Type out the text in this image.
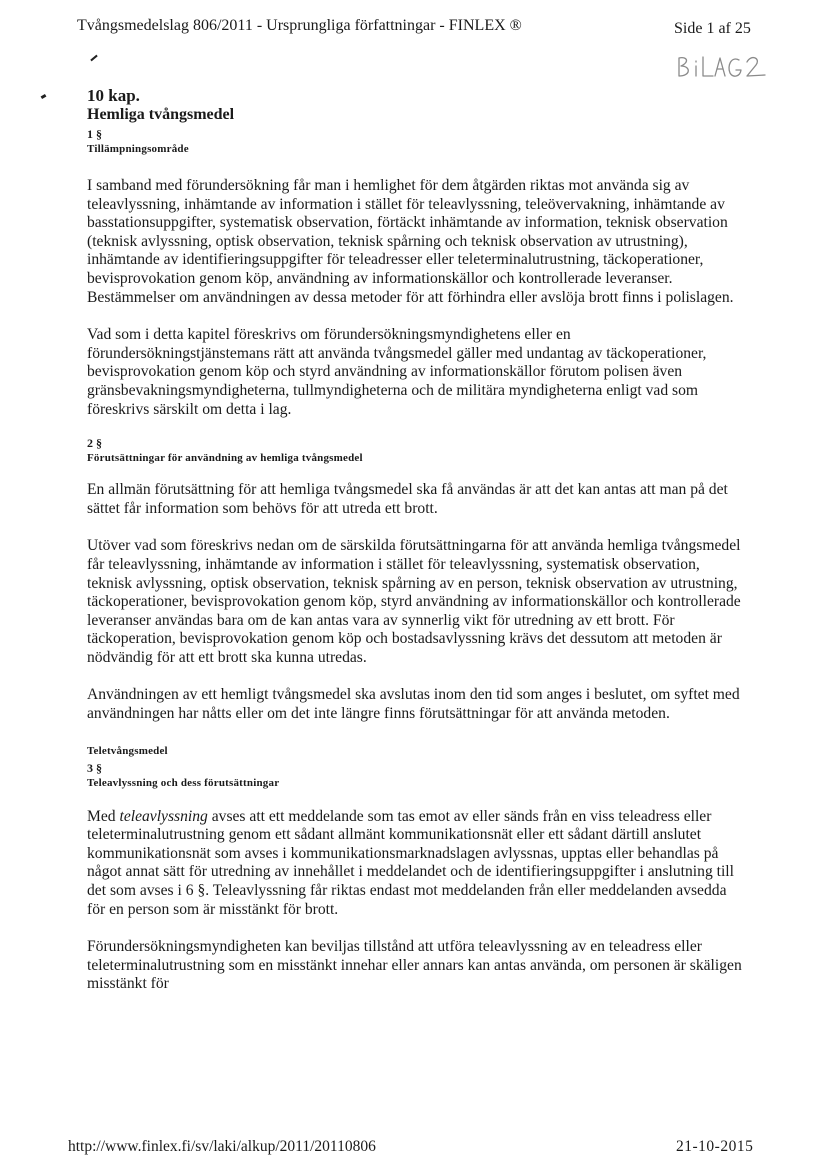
Tvångsmedelslag 806/2011 - Ursprungliga författningar - FINLEX ®	Side 1 af 25
10 kap.
Hemliga tvångsmedel
1 §
Tillämpningsområde

I samband med förundersökning får man i hemlighet för dem åtgärden riktas mot använda sig av teleavlyssning, inhämtande av information i stället för teleavlyssning, teleövervakning, inhämtande av basstationsuppgifter, systematisk observation, förtäckt inhämtande av information, teknisk observation (teknisk avlyssning, optisk observation, teknisk spårning och teknisk observation av utrustning), inhämtande av identifieringsuppgifter för teleadresser eller teleterminalutrustning, täckoperationer, bevisprovokation genom köp, användning av informationskällor och kontrollerade leveranser. Bestämmelser om användningen av dessa metoder för att förhindra eller avslöja brott finns i polislagen.

Vad som i detta kapitel föreskrivs om förundersökningsmyndighetens eller en förundersökningstjänstemans rätt att använda tvångsmedel gäller med undantag av täckoperationer, bevisprovokation genom köp och styrd användning av informationskällor förutom polisen även gränsbevakningsmyndigheterna, tullmyndigheterna och de militära myndigheterna enligt vad som föreskrivs särskilt om detta i lag.

2 §
Förutsättningar för användning av hemliga tvångsmedel

En allmän förutsättning för att hemliga tvångsmedel ska få användas är att det kan antas att man på det sättet får information som behövs för att utreda ett brott.

Utöver vad som föreskrivs nedan om de särskilda förutsättningarna för att använda hemliga tvångsmedel får teleavlyssning, inhämtande av information i stället för teleavlyssning, systematisk observation, teknisk avlyssning, optisk observation, teknisk spårning av en person, teknisk observation av utrustning, täckoperationer, bevisprovokation genom köp, styrd användning av informationskällor och kontrollerade leveranser användas bara om de kan antas vara av synnerlig vikt för utredning av ett brott. För täckoperation, bevisprovokation genom köp och bostadsavlyssning krävs det dessutom att metoden är nödvändig för att ett brott ska kunna utredas.

Användningen av ett hemligt tvångsmedel ska avslutas inom den tid som anges i beslutet, om syftet med användningen har nåtts eller om det inte längre finns förutsättningar för att använda metoden.

Teletvångsmedel
3 §
Teleavlyssning och dess förutsättningar

Med teleavlyssning avses att ett meddelande som tas emot av eller sänds från en viss teleadress eller teleterminalutrustning genom ett sådant allmänt kommunikationsnät eller ett sådant därtill anslutet kommunikationsnät som avses i kommunikationsmarknadslagen avlyssnas, upptas eller behandlas på något annat sätt för utredning av innehållet i meddelandet och de identifieringsuppgifter i anslutning till det som avses i 6 §. Teleavlyssning får riktas endast mot meddelanden från eller meddelanden avsedda för en person som är misstänkt för brott.

Förundersökningsmyndigheten kan beviljas tillstånd att utföra teleavlyssning av en teleadress eller teleterminalutrustning som en misstänkt innehar eller annars kan antas använda, om personen är skäligen misstänkt för

http://www.finlex.fi/sv/laki/alkup/2011/20110806	21-10-2015
